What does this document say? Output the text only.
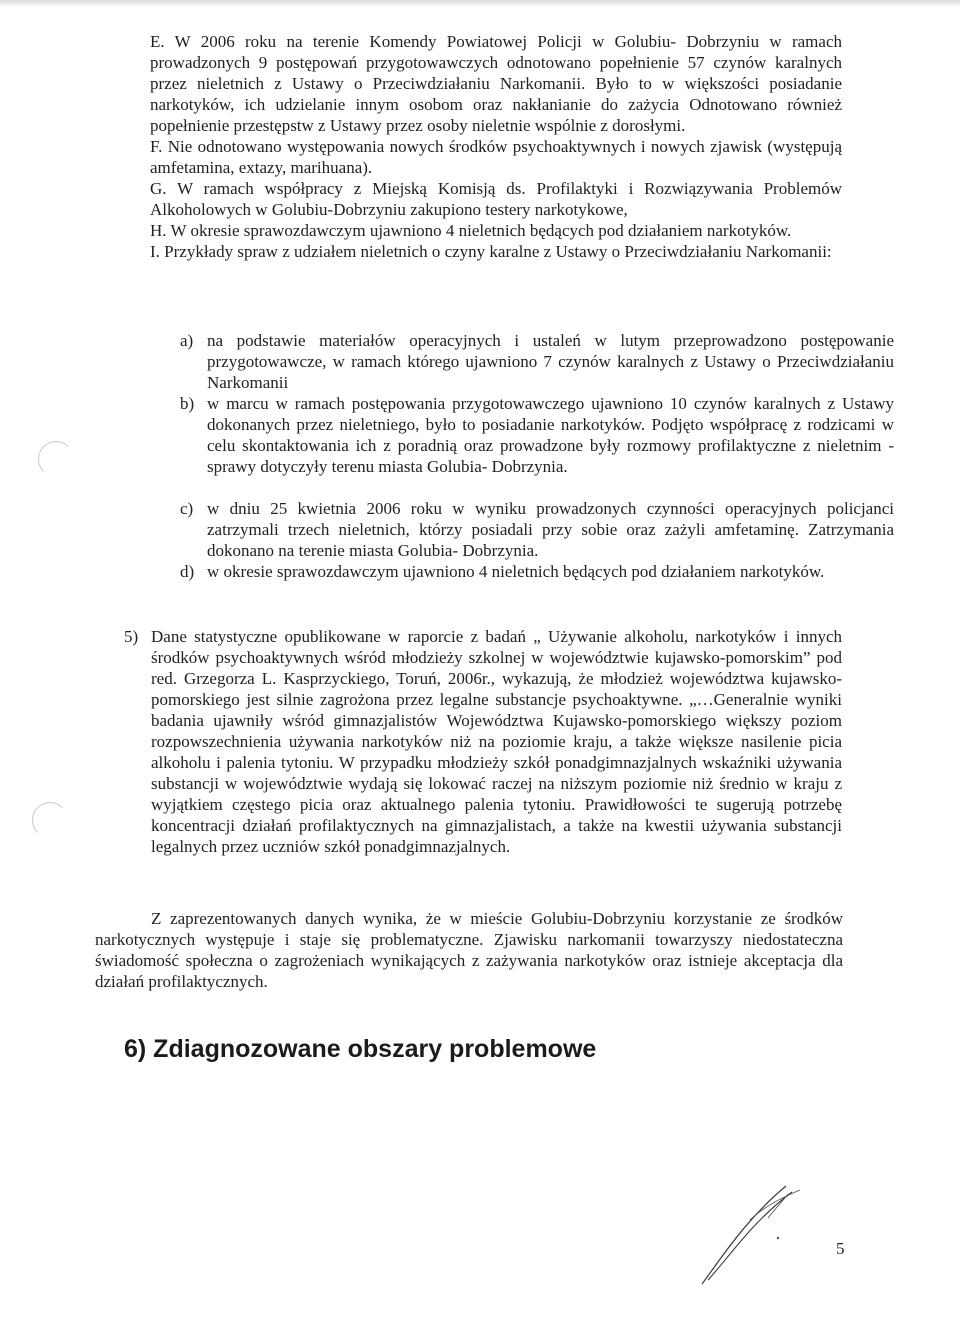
E. W 2006 roku na terenie Komendy Powiatowej Policji w Golubiu- Dobrzyniu w ramach prowadzonych 9 postępowań przygotowawczych odnotowano popełnienie 57 czynów karalnych przez nieletnich z Ustawy o Przeciwdziałaniu Narkomanii. Było to w większości posiadanie narkotyków, ich udzielanie innym osobom oraz nakłanianie do zażycia Odnotowano również popełnienie przestępstw z Ustawy przez osoby nieletnie wspólnie z dorosłymi.

F. Nie odnotowano występowania nowych środków psychoaktywnych i nowych zjawisk (występują amfetamina, extazy, marihuana).

G. W ramach współpracy z Miejską Komisją ds. Profilaktyki i Rozwiązywania Problemów Alkoholowych w Golubiu-Dobrzyniu zakupiono testery narkotykowe,

H. W okresie sprawozdawczym ujawniono 4 nieletnich będących pod działaniem narkotyków.

I. Przykłady spraw z udziałem nieletnich o czyny karalne z Ustawy o Przeciwdziałaniu Narkomanii:

a) na podstawie materiałów operacyjnych i ustaleń w lutym przeprowadzono postępowanie przygotowawcze, w ramach którego ujawniono 7 czynów karalnych z Ustawy o Przeciwdziałaniu Narkomanii

b) w marcu w ramach postępowania przygotowawczego ujawniono 10 czynów karalnych z Ustawy dokonanych przez nieletniego, było to posiadanie narkotyków. Podjęto współpracę z rodzicami w celu skontaktowania ich z poradnią oraz prowadzone były rozmowy profilaktyczne z nieletnim - sprawy dotyczyły terenu miasta Golubia- Dobrzynia.

c) w dniu 25 kwietnia 2006 roku w wyniku prowadzonych czynności operacyjnych policjanci zatrzymali trzech nieletnich, którzy posiadali przy sobie oraz zażyli amfetaminę. Zatrzymania dokonano na terenie miasta Golubia- Dobrzynia.

d) w okresie sprawozdawczym ujawniono 4 nieletnich będących pod działaniem narkotyków.

5) Dane statystyczne opublikowane w raporcie z badań „ Używanie alkoholu, narkotyków i innych środków psychoaktywnych wśród młodzieży szkolnej w województwie kujawsko-pomorskim” pod red. Grzegorza L. Kasprzyckiego, Toruń, 2006r., wykazują, że młodzież województwa kujawsko-pomorskiego jest silnie zagrożona przez legalne substancje psychoaktywne. „…Generalnie wyniki badania ujawniły wśród gimnazjalistów Województwa Kujawsko-pomorskiego większy poziom rozpowszechnienia używania narkotyków niż na poziomie kraju, a także większe nasilenie picia alkoholu i palenia tytoniu. W przypadku młodzieży szkół ponadgimnazjalnych wskaźniki używania substancji w województwie wydają się lokować raczej na niższym poziomie niż średnio w kraju z wyjątkiem częstego picia oraz aktualnego palenia tytoniu. Prawidłowości te sugerują potrzebę koncentracji działań profilaktycznych na gimnazjalistach, a także na kwestii używania substancji legalnych przez uczniów szkół ponadgimnazjalnych.

Z zaprezentowanych danych wynika, że w mieście Golubiu-Dobrzyniu korzystanie ze środków narkotycznych występuje i staje się problematyczne. Zjawisku narkomanii towarzyszy niedostateczna świadomość społeczna o zagrożeniach wynikających z zażywania narkotyków oraz istnieje akceptacja dla działań profilaktycznych.

6) Zdiagnozowane obszary problemowe
5
